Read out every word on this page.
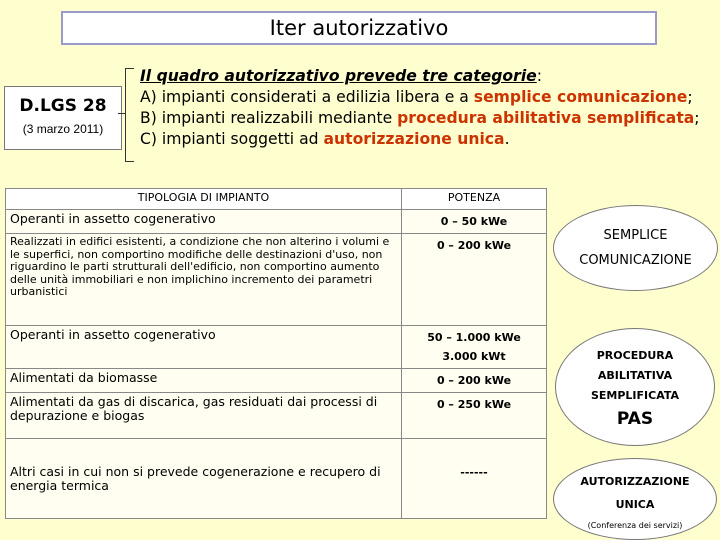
Iter autorizzativo
D.LGS 28
(3 marzo 2011)
Il quadro autorizzativo prevede tre categorie:
A) impianti considerati a edilizia libera e a semplice comunicazione;
B) impianti realizzabili mediante procedura abilitativa semplificata;
C) impianti soggetti ad autorizzazione unica.
TIPOLOGIA DI IMPIANTO	POTENZA
Operanti in assetto cogenerativo	0 – 50 kWe

Realizzati in edifici esistenti, a condizione che non alterino i volumi e le superfici, non comportino modifiche delle destinazioni d'uso, non riguardino le parti strutturali dell'edificio, non comportino aumento delle unità immobiliari e non implichino incremento dei parametri urbanistici	0 – 200 kWe

Operanti in assetto cogenerativo	50 – 1.000 kWe
3.000 kWt

Alimentati da biomasse	0 – 200 kWe

Alimentati da gas di discarica, gas residuati dai processi di depurazione e biogas	0 – 250 kWe

Altri casi in cui non si prevede cogenerazione e recupero di energia termica	------
SEMPLICE
COMUNICAZIONE
PROCEDURA
ABILITATIVA
SEMPLIFICATA
PAS
AUTORIZZAZIONE
UNICA
(Conferenza dei servizi)
